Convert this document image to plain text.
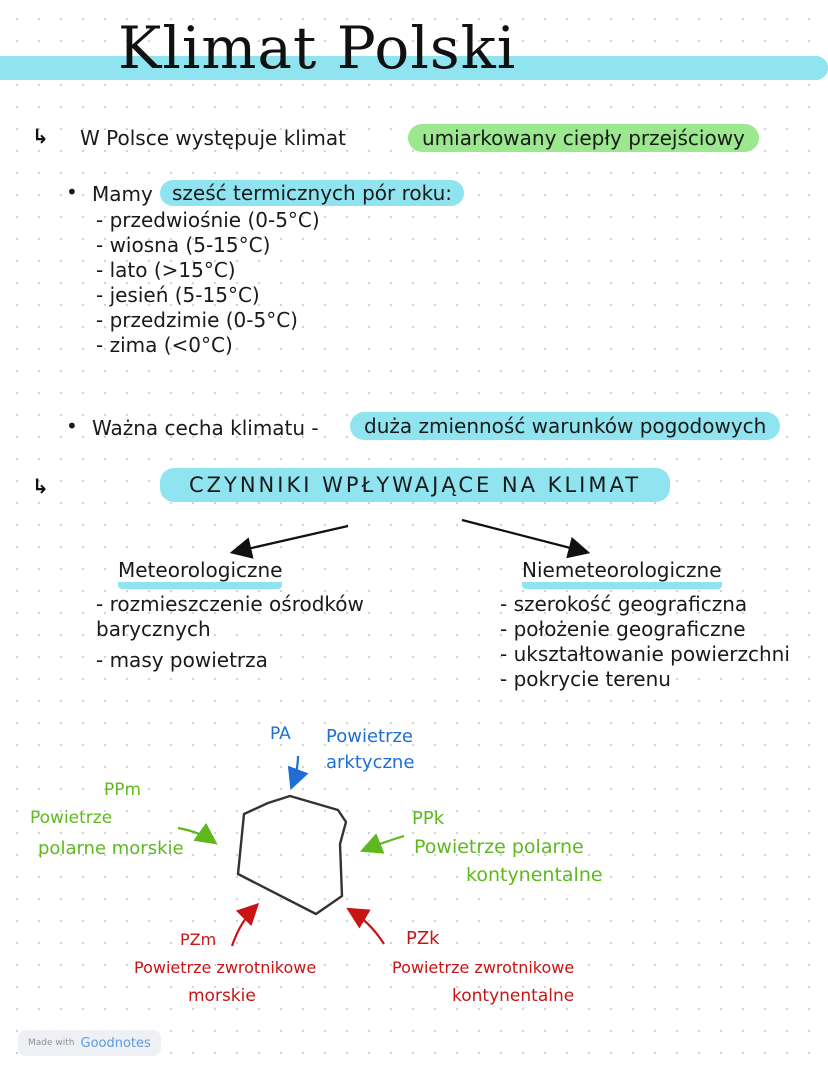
Klimat Polski
↳ W Polsce występuje klimat	umiarkowany ciepły przejściowy
• Mamy sześć termicznych pór roku:
- przedwiośnie (0-5°C)
- wiosna (5-15°C)
- lato (>15°C)
- jesień (5-15°C)
- przedzimie (0-5°C)
- zima (<0°C)
• Ważna cecha klimatu -	duża zmienność warunków pogodowych
↳	CZYNNIKI WPŁYWAJĄCE NA KLIMAT
Meteorologiczne
- rozmieszczenie ośrodków barycznych
- masy powietrza
Niemeteorologiczne
- szerokość geograficzna
- położenie geograficzne
- ukształtowanie powierzchni
- pokrycie terenu
PA Powietrze
arktyczne
PPm
Powietrze
polarne morskie
PPk
Powietrze polarne
kontynentalne
PZm
Powietrze zwrotnikowe
morskie
PZk
Powietrze zwrotnikowe
kontynentalne
Made with Goodnotes
